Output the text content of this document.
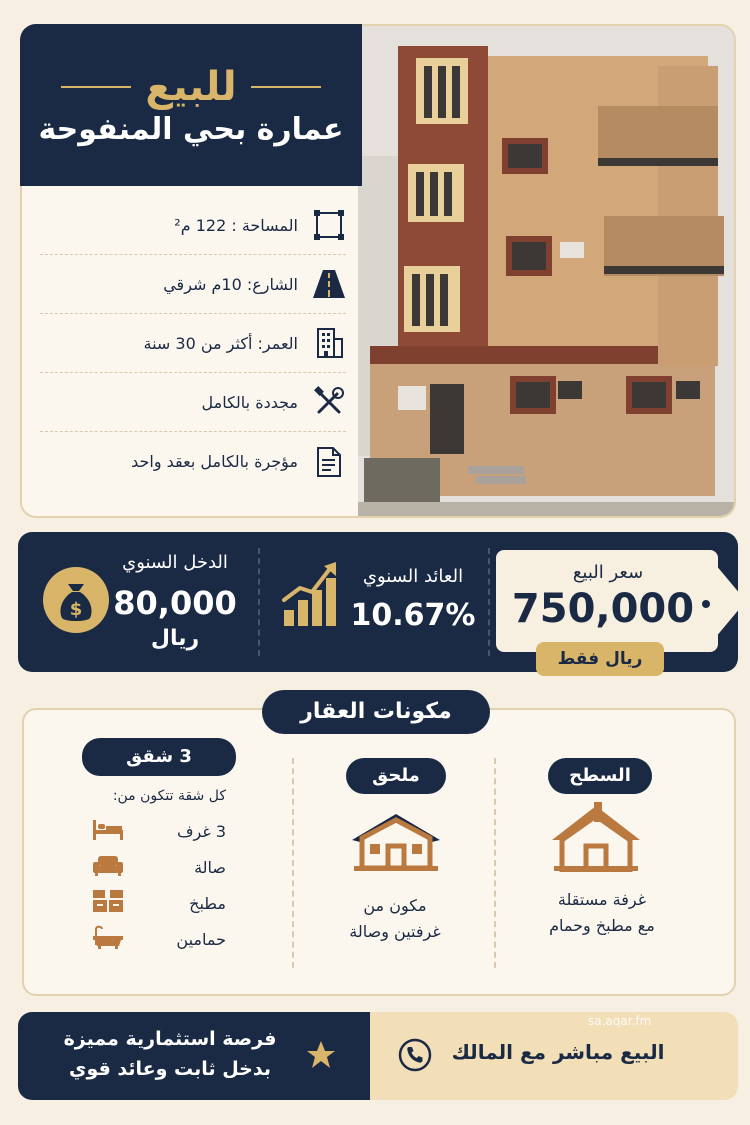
للبيع
عمارة بحي المنفوحة
المساحة : 122 م²
الشارع: 10م شرقي
العمر: أكثر من 30 سنة
مجددة بالكامل
مؤجرة بالكامل بعقد واحد
سعر البيع
750,000
ريال فقط
العائد السنوي
10.67%
الدخل السنوي
80,000
ريال
$
مكونات العقار
السطح
غرفة مستقلة
مع مطبخ وحمام
ملحق
مكون من
غرفتين وصالة
3 شقق
كل شقة تتكون من:
3 غرف
صالة
مطبخ
حمامين
فرصة استثمارية مميزة
بدخل ثابت وعائد قوي
البيع مباشر مع المالك
sa.aqar.fm
